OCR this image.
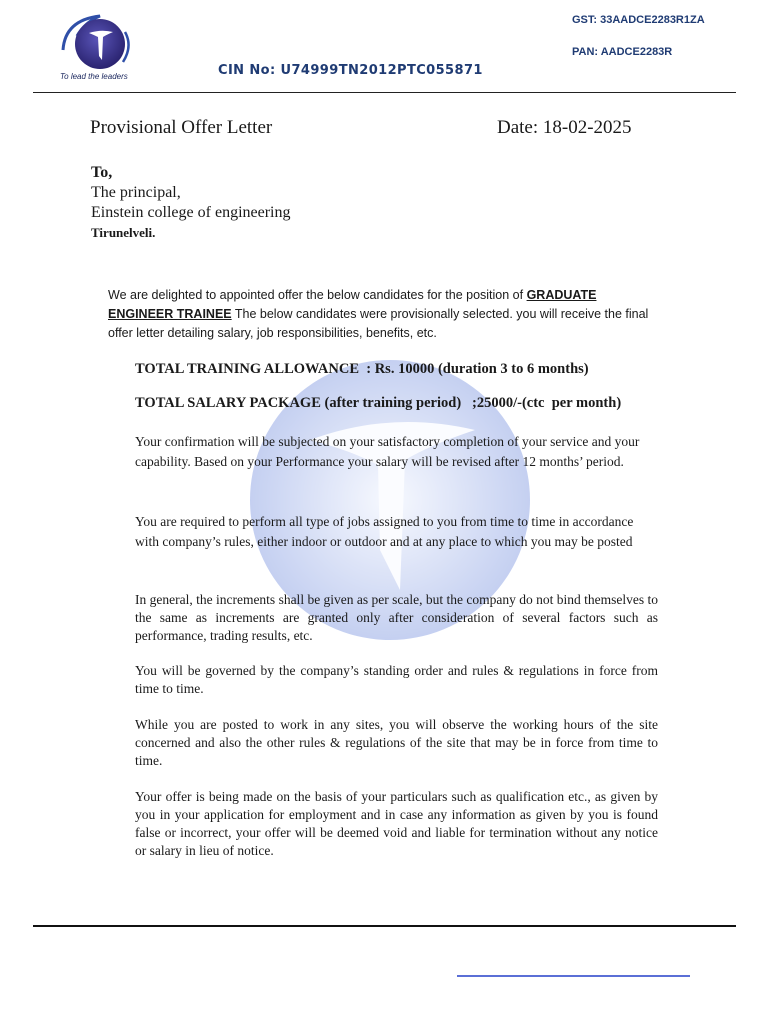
To lead the leaders	CIN No: U74999TN2012PTC055871
GST: 33AADCE2283R1ZA
PAN: AADCE2283R
Provisional Offer Letter	Date: 18-02-2025
To,
The principal,
Einstein college of engineering
Tirunelveli.
We are delighted to appointed offer the below candidates for the position of GRADUATE ENGINEER TRAINEE The below candidates were provisionally selected. you will receive the final offer letter detailing salary, job responsibilities, benefits, etc.
TOTAL TRAINING ALLOWANCE  : Rs. 10000 (duration 3 to 6 months)
TOTAL SALARY PACKAGE (after training period)   ;25000/-(ctc  per month)
Your confirmation will be subjected on your satisfactory completion of your service and your capability. Based on your Performance your salary will be revised after 12 months’ period.
You are required to perform all type of jobs assigned to you from time to time in accordance with company’s rules, either indoor or outdoor and at any place to which you may be posted
In general, the increments shall be given as per scale, but the company do not bind themselves to the same as increments are granted only after consideration of several factors such as performance, trading results, etc.
You will be governed by the company’s standing order and rules & regulations in force from time to time.
While you are posted to work in any sites, you will observe the working hours of the site concerned and also the other rules & regulations of the site that may be in force from time to time.
Your offer is being made on the basis of your particulars such as qualification etc., as given by you in your application for employment and in case any information as given by you is found false or incorrect, your offer will be deemed void and liable for termination without any notice or salary in lieu of notice.
